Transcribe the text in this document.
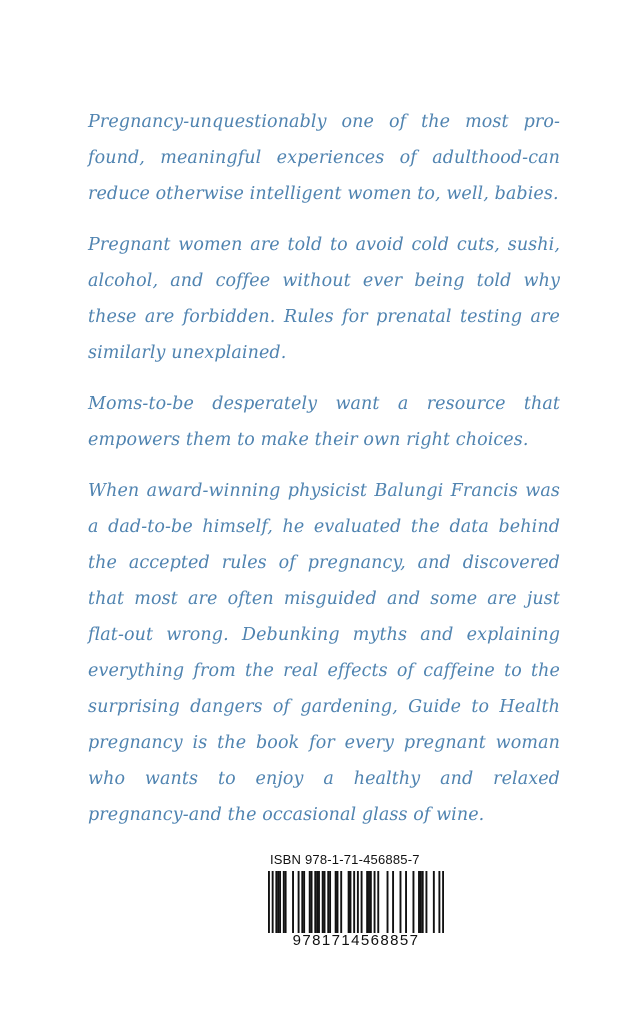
Pregnancy-unquestionably one of the most pro-found, meaningful experiences of adulthood-can reduce otherwise intelligent women to, well, babies.

Pregnant women are told to avoid cold cuts, sushi, alcohol, and coffee without ever being told why these are forbidden. Rules for prenatal testing are similarly unexplained.

Moms-to-be desperately want a resource that empowers them to make their own right choices.

When award-winning physicist Balungi Francis was a dad-to-be himself, he evaluated the data behind the accepted rules of pregnancy, and discovered that most are often misguided and some are just flat-out wrong. Debunking myths and explaining everything from the real effects of caffeine to the surprising dangers of gardening, Guide to Health pregnancy is the book for every pregnant woman who wants to enjoy a healthy and relaxed pregnancy-and the occasional glass of wine.

ISBN 978-1-71-456885-7
9781714568857
